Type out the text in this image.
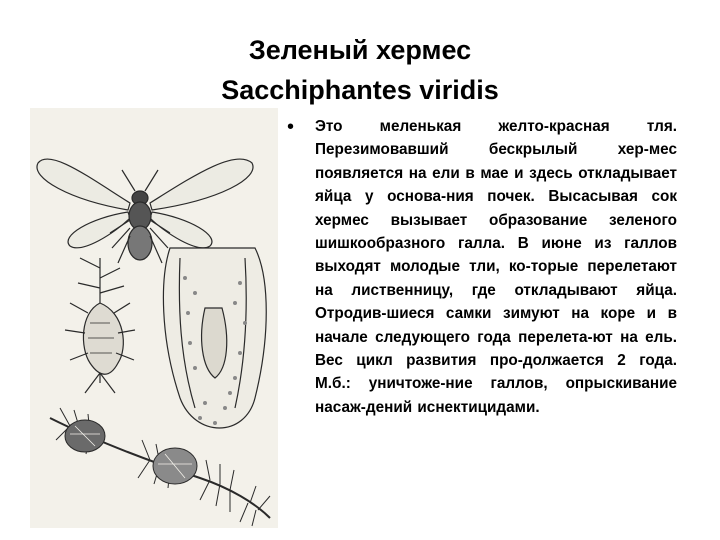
Зеленый хермес
Sacchiphantes viridis
• Это меленькая желто-красная тля. Перезимовавший бескрылый хер-мес появляется на ели в мае и здесь откладывает яйца у основа-ния почек. Высасывая сок хермес вызывает образование зеленого шишкообразного галла. В июне из галлов выходят молодые тли, ко-торые перелетают на лиственницу, где откладывают яйца. Отродив-шиеся самки зимуют на коре и в начале следующего года перелета-ют на ель. Вес цикл развития про-должается 2 года. М.б.: уничтоже-ние галлов, опрыскивание насаж-дений иснектицидами.
